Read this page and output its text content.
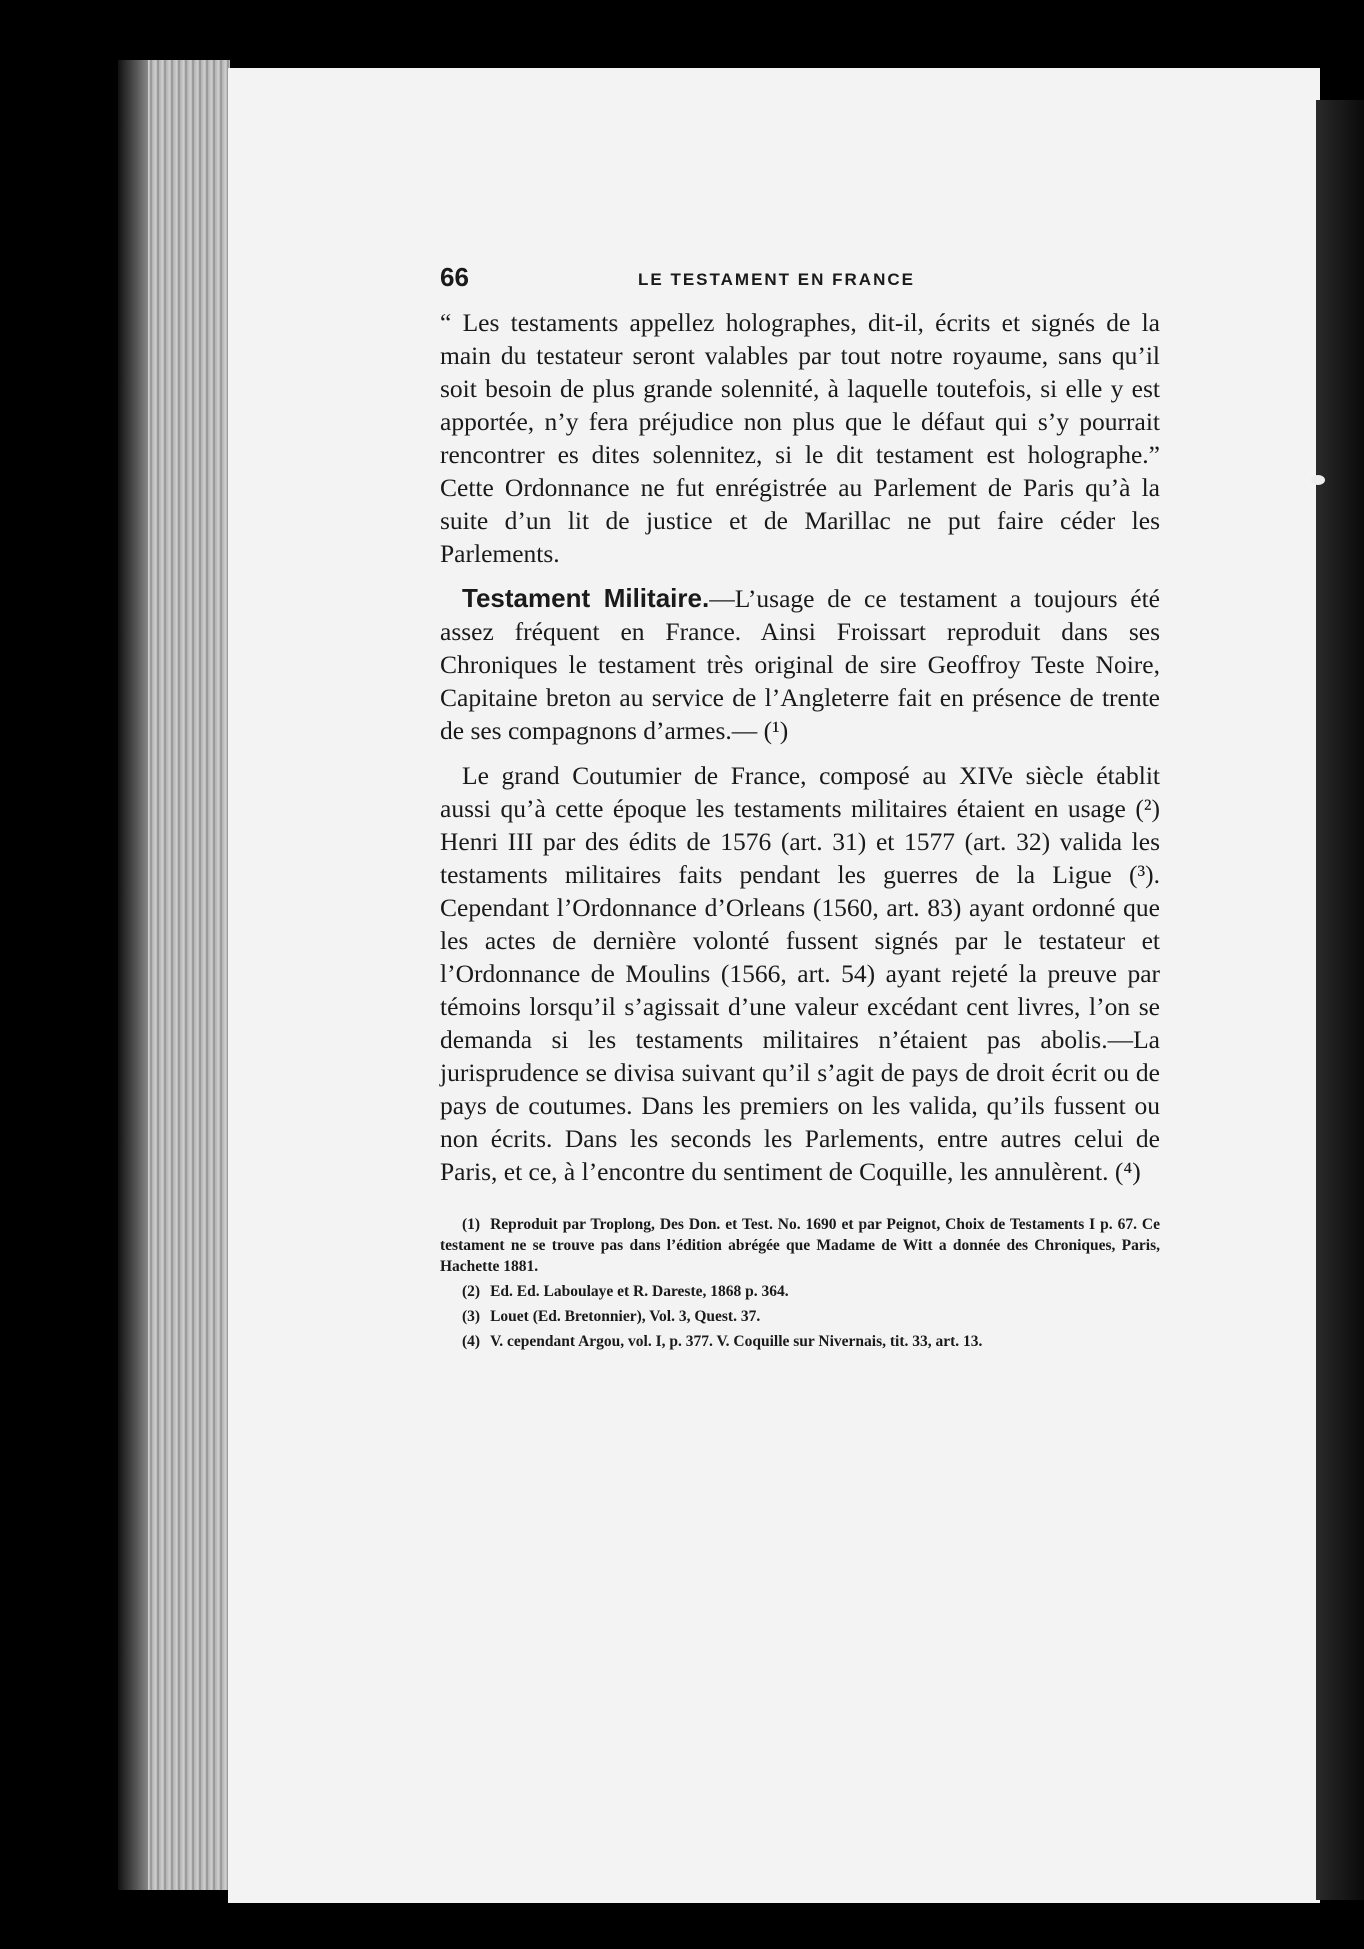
66	LE TESTAMENT EN FRANCE

“ Les testaments appellez holographes, dit-il, écrits et signés de la main du testateur seront valables par tout notre royaume, sans qu’il soit besoin de plus grande solennité, à laquelle toutefois, si elle y est apportée, n’y fera préjudice non plus que le défaut qui s’y pourrait rencontrer es dites solennitez, si le dit testament est holographe.” Cette Ordonnance ne fut enrégistrée au Parlement de Paris qu’à la suite d’un lit de justice et de Marillac ne put faire céder les Parlements.

Testament Militaire.—L’usage de ce testament a toujours été assez fréquent en France. Ainsi Froissart reproduit dans ses Chroniques le testament très original de sire Geoffroy Teste Noire, Capitaine breton au service de l’Angleterre fait en présence de trente de ses compagnons d’armes.— (¹)

Le grand Coutumier de France, composé au XIVe siècle établit aussi qu’à cette époque les testaments militaires étaient en usage (²) Henri III par des édits de 1576 (art. 31) et 1577 (art. 32) valida les testaments militaires faits pendant les guerres de la Ligue (³). Cependant l’Ordonnance d’Orleans (1560, art. 83) ayant ordonné que les actes de dernière volonté fussent signés par le testateur et l’Ordonnance de Moulins (1566, art. 54) ayant rejeté la preuve par témoins lorsqu’il s’agissait d’une valeur excédant cent livres, l’on se demanda si les testaments militaires n’étaient pas abolis.—La jurisprudence se divisa suivant qu’il s’agit de pays de droit écrit ou de pays de coutumes. Dans les premiers on les valida, qu’ils fussent ou non écrits. Dans les seconds les Parlements, entre autres celui de Paris, et ce, à l’encontre du sentiment de Coquille, les annulèrent. (⁴)

(1) Reproduit par Troplong, Des Don. et Test. No. 1690 et par Peignot, Choix de Testaments I p. 67. Ce testament ne se trouve pas dans l’édition abrégée que Madame de Witt a donnée des Chroniques, Paris, Hachette 1881.

(2) Ed. Ed. Laboulaye et R. Dareste, 1868 p. 364.

(3) Louet (Ed. Bretonnier), Vol. 3, Quest. 37.

(4) V. cependant Argou, vol. I, p. 377. V. Coquille sur Nivernais, tit. 33, art. 13.
